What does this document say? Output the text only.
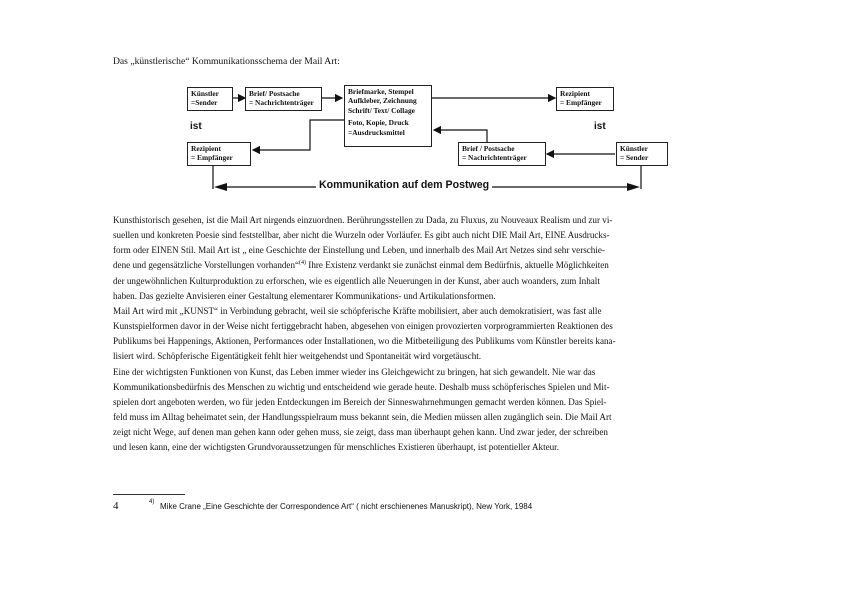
Das „künstlerische“ Kommunikationsschema der Mail Art:
Künstler
=Sender
Brief/ Postsache
= Nachrichtenträger
Briefmarke, Stempel
Aufkleber, Zeichnung
Schrift/ Text/ Collage
Foto, Kopie, Druck
=Ausdrucksmittel
Rezipient
= Empfänger
ist	ist
Rezipient
= Empfänger
Brief / Postsache
= Nachrichtenträger
Künstler
= Sender
Kommunikation auf dem Postweg
Kunsthistorisch gesehen, ist die Mail Art nirgends einzuordnen. Berührungsstellen zu Dada, zu Fluxus, zu Nouveaux Realism und zur vi-
suellen und konkreten Poesie sind feststellbar, aber nicht die Wurzeln oder Vorläufer. Es gibt auch nicht DIE Mail Art, EINE Ausdrucks-
form oder EINEN Stil. Mail Art ist „ eine Geschichte der Einstellung und Leben, und innerhalb des Mail Art Netzes sind sehr verschie-
dene und gegensätzliche Vorstellungen vorhanden“$^{(4)}$ Ihre Existenz verdankt sie zunächst einmal dem Bedürfnis, aktuelle Möglichkeiten
der ungewöhnlichen Kulturproduktion zu erforschen, wie es eigentlich alle Neuerungen in der Kunst, aber auch woanders, zum Inhalt
haben. Das gezielte Anvisieren einer Gestaltung elementarer Kommunikations- und Artikulationsformen.
Mail Art wird mit „KUNST“ in Verbindung gebracht, weil sie schöpferische Kräfte mobilisiert, aber auch demokratisiert, was fast alle
Kunstspielformen davor in der Weise nicht fertiggebracht haben, abgesehen von einigen provozierten vorprogrammierten Reaktionen des
Publikums bei Happenings, Aktionen, Performances oder Installationen, wo die Mitbeteiligung des Publikums vom Künstler bereits kana-
lisiert wird. Schöpferische Eigentätigkeit fehlt hier weitgehendst und Spontaneität wird vorgetäuscht.
Eine der wichtigsten Funktionen von Kunst, das Leben immer wieder ins Gleichgewicht zu bringen, hat sich gewandelt. Nie war das
Kommunikationsbedürfnis des Menschen zu wichtig und entscheidend wie gerade heute. Deshalb muss schöpferisches Spielen und Mit-
spielen dort angeboten werden, wo für jeden Entdeckungen im Bereich der Sinneswahrnehmungen gemacht werden können. Das Spiel-
feld muss im Alltag beheimatet sein, der Handlungsspielraum muss bekannt sein, die Medien müssen allen zugänglich sein. Die Mail Art
zeigt nicht Wege, auf denen man gehen kann oder gehen muss, sie zeigt, dass man überhaupt gehen kann. Und zwar jeder, der schreiben
und lesen kann, eine der wichtigsten Grundvoraussetzungen für menschliches Existieren überhaupt, ist potentieller Akteur.
4	4) Mike Crane „Eine Geschichte der Correspondence Art“ ( nicht erschienenes Manuskript), New York, 1984
